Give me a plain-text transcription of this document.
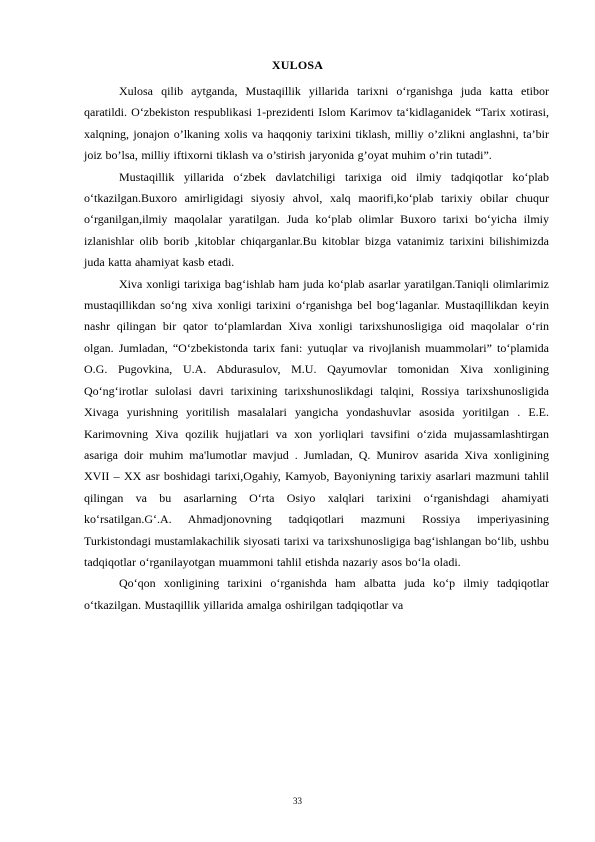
XULOSA

Xulosa qilib aytganda, Mustaqillik yillarida tarixni o‘rganishga juda katta etibor qaratildi. O‘zbekiston respublikasi 1-prezidenti Islom Karimov ta‘kidlaganidek “Tarix xotirasi, xalqning, jonajon o’lkaning xolis va haqqoniy tarixini tiklash, milliy o’zlikni anglashni, ta’bir joiz bo’lsa, milliy iftixorni tiklash va o’stirish jaryonida g’oyat muhim o’rin tutadi”.

Mustaqillik yillarida o‘zbek davlatchiligi tarixiga oid ilmiy tadqiqotlar ko‘plab o‘tkazilgan.Buxoro amirligidagi siyosiy ahvol, xalq maorifi,ko‘plab tarixiy obilar chuqur o‘rganilgan,ilmiy maqolalar yaratilgan. Juda ko‘plab olimlar Buxoro tarixi bo‘yicha ilmiy izlanishlar olib borib ,kitoblar chiqarganlar.Bu kitoblar bizga vatanimiz tarixini bilishimizda juda katta ahamiyat kasb etadi.

Xiva xonligi tarixiga bag‘ishlab ham juda ko‘plab asarlar yaratilgan.Taniqli olimlarimiz mustaqillikdan so‘ng xiva xonligi tarixini o‘rganishga bel bog‘laganlar. Mustaqillikdan keyin nashr qilingan bir qator to‘plamlardan Xiva xonligi tarixshunosligiga oid maqolalar o‘rin olgan. Jumladan, “O‘zbekistonda tarix fani: yutuqlar va rivojlanish muammolari” to‘plamida O.G. Pugovkina, U.A. Abdurasulov, M.U. Qayumovlar tomonidan Xiva xonligining Qo‘ng‘irotlar sulolasi davri tarixining tarixshunoslikdagi talqini, Rossiya tarixshunosligida Xivaga yurishning yoritilish masalalari yangicha yondashuvlar asosida yoritilgan . E.E. Karimovning Xiva qozilik hujjatlari va xon yorliqlari tavsifini o‘zida mujassamlashtirgan asariga doir muhim ma'lumotlar mavjud . Jumladan, Q. Munirov asarida Xiva xonligining XVII – XX asr boshidagi tarixi,Ogahiy, Kamyob, Bayoniyning tarixiy asarlari mazmuni tahlil qilingan va bu asarlarning O‘rta Osiyo xalqlari tarixini o‘rganishdagi ahamiyati ko‘rsatilgan.G‘.A. Ahmadjonovning tadqiqotlari mazmuni Rossiya imperiyasining Turkistondagi mustamlakachilik siyosati tarixi va tarixshunosligiga bag‘ishlangan bo‘lib, ushbu tadqiqotlar o‘rganilayotgan muammoni tahlil etishda nazariy asos bo‘la oladi.

Qo‘qon xonligining tarixini o‘rganishda ham albatta juda ko‘p ilmiy tadqiqotlar o‘tkazilgan. Mustaqillik yillarida amalga oshirilgan tadqiqotlar va

33
